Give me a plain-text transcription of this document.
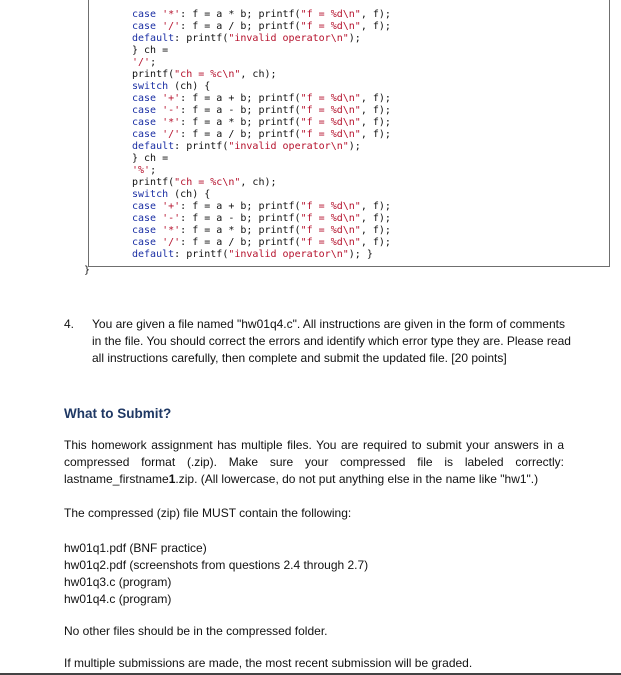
case '*': f = a * b; printf("f = %d\n", f);
case '/': f = a / b; printf("f = %d\n", f);
default: printf("invalid operator\n");
} ch =
'/';
printf("ch = %c\n", ch);
switch (ch) {
case '+': f = a + b; printf("f = %d\n", f);
case '-': f = a - b; printf("f = %d\n", f);
case '*': f = a * b; printf("f = %d\n", f);
case '/': f = a / b; printf("f = %d\n", f);
default: printf("invalid operator\n");
} ch =
'%';
printf("ch = %c\n", ch);
switch (ch) {
case '+': f = a + b; printf("f = %d\n", f);
case '-': f = a - b; printf("f = %d\n", f);
case '*': f = a * b; printf("f = %d\n", f);
case '/': f = a / b; printf("f = %d\n", f);
default: printf("invalid operator\n"); }
}
4. You are given a file named "hw01q4.c". All instructions are given in the form of comments in the file. You should correct the errors and identify which error type they are. Please read all instructions carefully, then complete and submit the updated file. [20 points]

What to Submit?

This homework assignment has multiple files. You are required to submit your answers in a compressed format (.zip). Make sure your compressed file is labeled correctly: lastname_firstname1.zip. (All lowercase, do not put anything else in the name like "hw1".)

The compressed (zip) file MUST contain the following:

hw01q1.pdf (BNF practice)
hw01q2.pdf (screenshots from questions 2.4 through 2.7)
hw01q3.c (program)
hw01q4.c (program)

No other files should be in the compressed folder.

If multiple submissions are made, the most recent submission will be graded.
